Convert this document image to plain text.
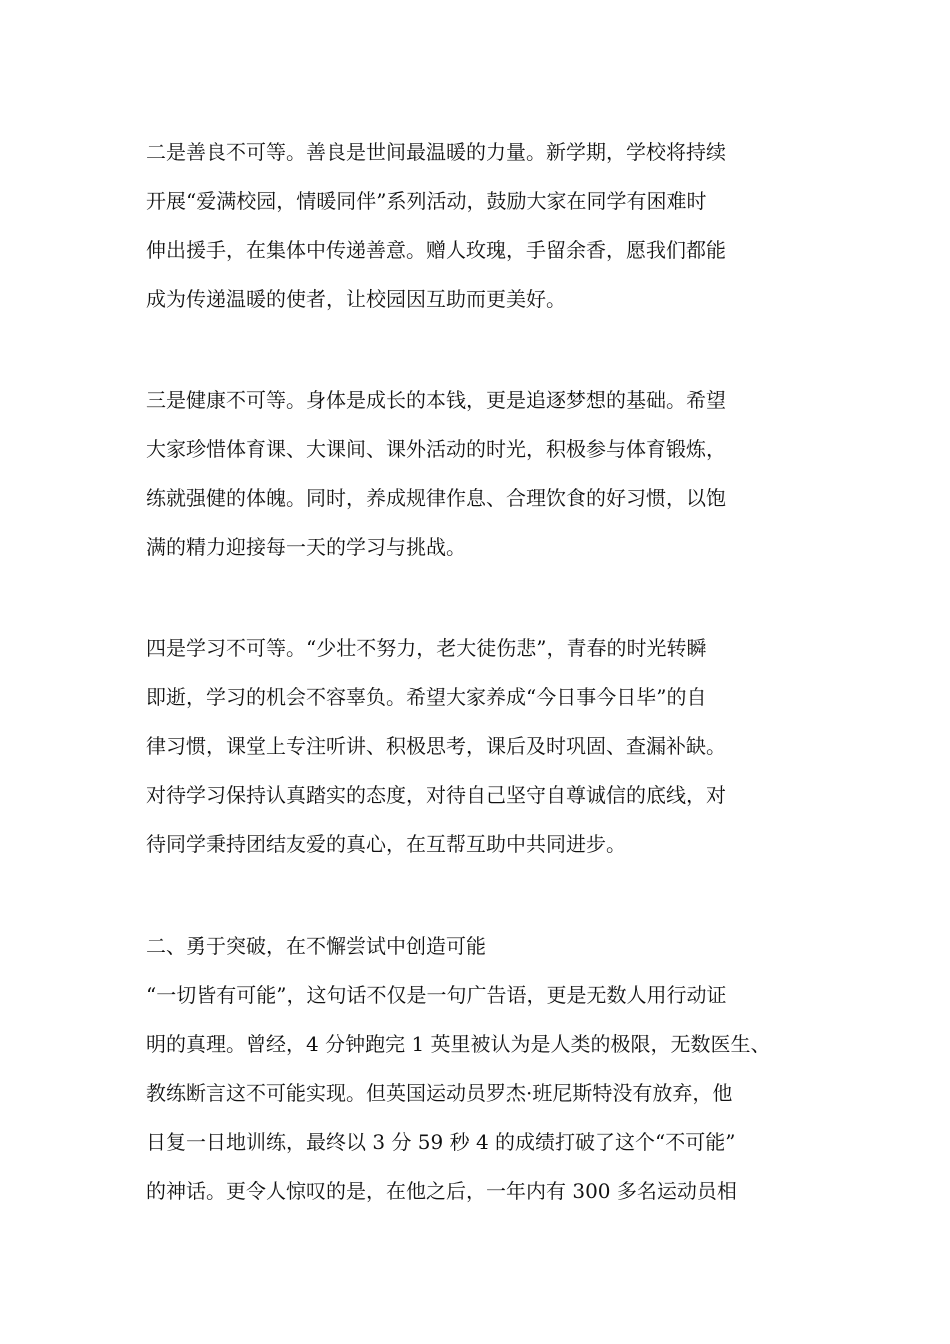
二是善良不可等。善良是世间最温暖的力量。新学期，学校将持续
开展“爱满校园，情暖同伴”系列活动，鼓励大家在同学有困难时
伸出援手，在集体中传递善意。赠人玫瑰，手留余香，愿我们都能
成为传递温暖的使者，让校园因互助而更美好。
三是健康不可等。身体是成长的本钱，更是追逐梦想的基础。希望
大家珍惜体育课、大课间、课外活动的时光，积极参与体育锻炼，
练就强健的体魄。同时，养成规律作息、合理饮食的好习惯，以饱
满的精力迎接每一天的学习与挑战。
四是学习不可等。“少壮不努力，老大徒伤悲”，青春的时光转瞬
即逝，学习的机会不容辜负。希望大家养成“今日事今日毕”的自
律习惯，课堂上专注听讲、积极思考，课后及时巩固、查漏补缺。
对待学习保持认真踏实的态度，对待自己坚守自尊诚信的底线，对
待同学秉持团结友爱的真心，在互帮互助中共同进步。
二、勇于突破，在不懈尝试中创造可能
“一切皆有可能”，这句话不仅是一句广告语，更是无数人用行动证
明的真理。曾经，4 分钟跑完 1 英里被认为是人类的极限，无数医生、
教练断言这不可能实现。但英国运动员罗杰·班尼斯特没有放弃，他
日复一日地训练，最终以 3 分 59 秒 4 的成绩打破了这个“不可能”
的神话。更令人惊叹的是，在他之后，一年内有 300 多名运动员相
